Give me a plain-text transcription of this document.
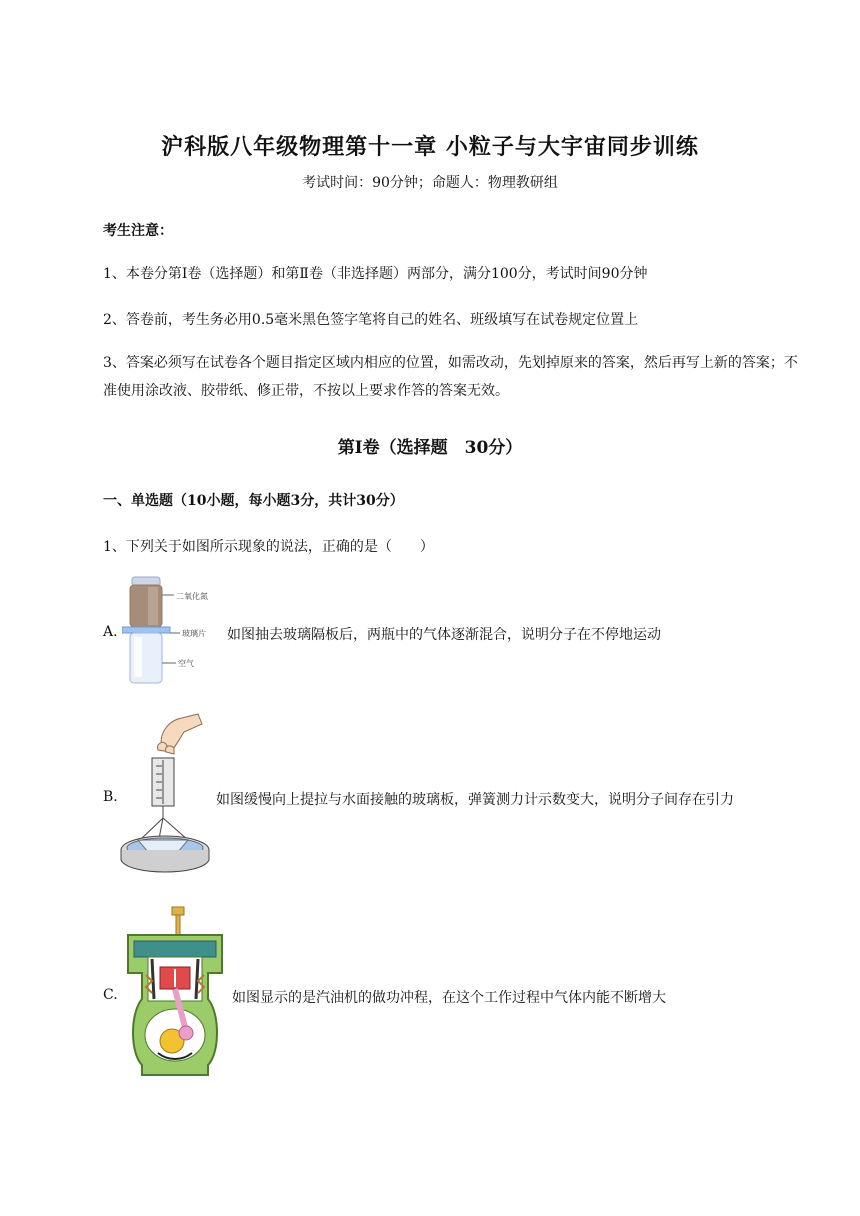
沪科版八年级物理第十一章 小粒子与大宇宙同步训练
考试时间：90分钟；命题人：物理教研组
考生注意：
1、本卷分第Ⅰ卷（选择题）和第Ⅱ卷（非选择题）两部分，满分100分，考试时间90分钟
2、答卷前，考生务必用0.5毫米黑色签字笔将自己的姓名、班级填写在试卷规定位置上
3、答案必须写在试卷各个题目指定区域内相应的位置，如需改动，先划掉原来的答案，然后再写上新的答案；不准使用涂改液、胶带纸、修正带，不按以上要求作答的答案无效。
第Ⅰ卷（选择题　30分）
一、单选题（10小题，每小题3分，共计30分）
1、下列关于如图所示现象的说法，正确的是（　　）
A.
二氧化氮
玻璃片
空气
如图抽去玻璃隔板后，两瓶中的气体逐渐混合，说明分子在不停地运动
B.	如图缓慢向上提拉与水面接触的玻璃板，弹簧测力计示数变大，说明分子间存在引力
C.	如图显示的是汽油机的做功冲程，在这个工作过程中气体内能不断增大
